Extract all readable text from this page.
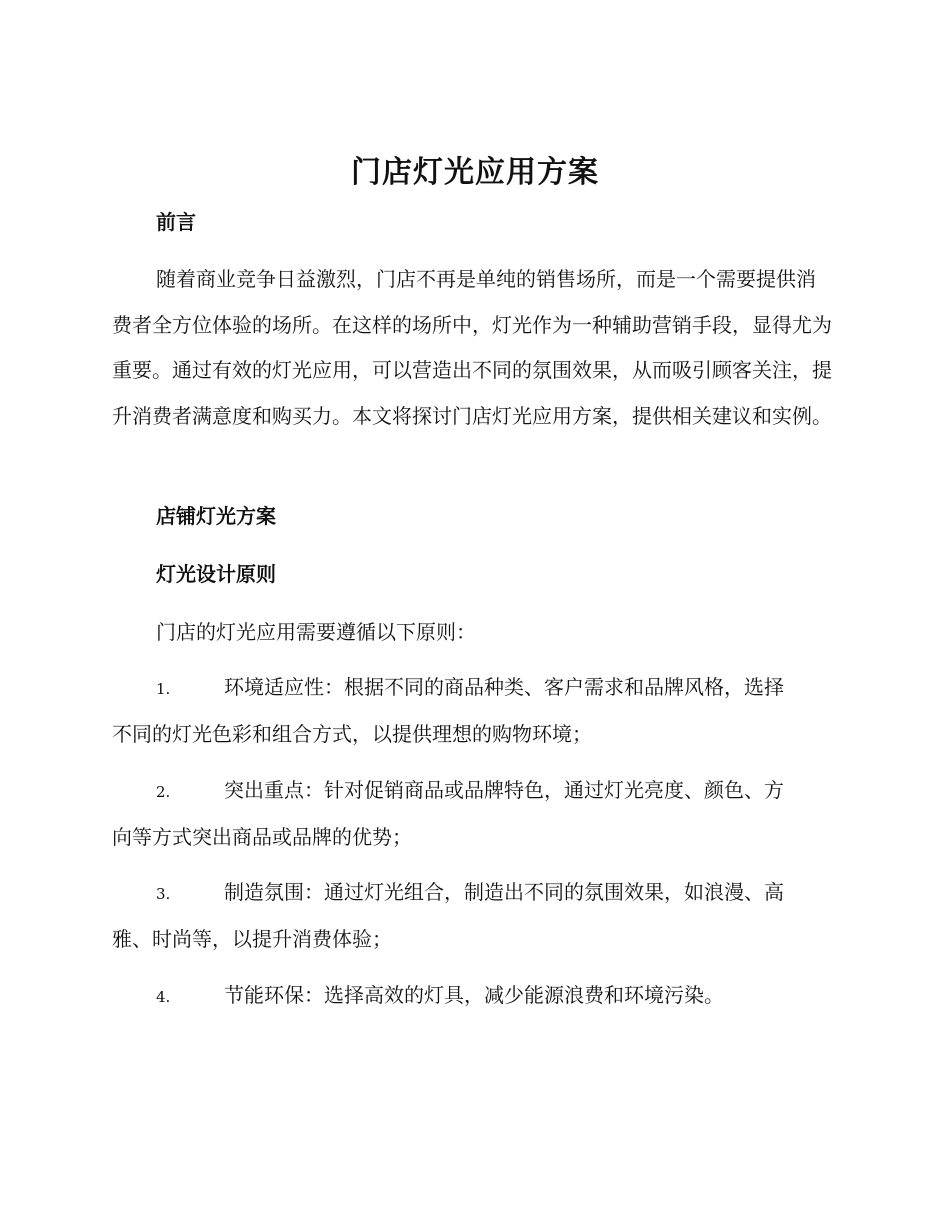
门店灯光应用方案
前言

随着商业竞争日益激烈，门店不再是单纯的销售场所，而是一个需要提供消费者全方位体验的场所。在这样的场所中，灯光作为一种辅助营销手段，显得尤为重要。通过有效的灯光应用，可以营造出不同的氛围效果，从而吸引顾客关注，提升消费者满意度和购买力。本文将探讨门店灯光应用方案，提供相关建议和实例。

店铺灯光方案
灯光设计原则
门店的灯光应用需要遵循以下原则：
1.	环境适应性：根据不同的商品种类、客户需求和品牌风格，选择
不同的灯光色彩和组合方式，以提供理想的购物环境；
2.	突出重点：针对促销商品或品牌特色，通过灯光亮度、颜色、方
向等方式突出商品或品牌的优势；
3.	制造氛围：通过灯光组合，制造出不同的氛围效果，如浪漫、高
雅、时尚等，以提升消费体验；
4.	节能环保：选择高效的灯具，减少能源浪费和环境污染。
